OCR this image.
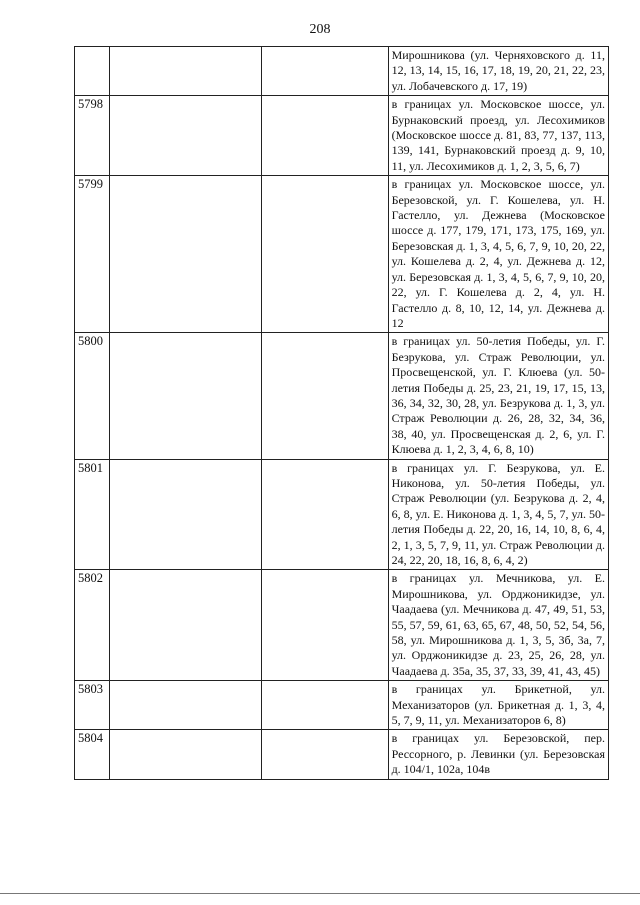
208
			Мирошникова (ул. Черняховского д. 11, 12, 13, 14, 15, 16, 17, 18, 19, 20, 21, 22, 23, ул. Лобачевского д. 17, 19)
5798			в границах ул. Московское шоссе, ул. Бурнаковский проезд, ул. Лесохимиков (Московское шоссе д. 81, 83, 77, 137, 113, 139, 141, Бурнаковский проезд д. 9, 10, 11, ул. Лесохимиков д. 1, 2, 3, 5, 6, 7)
5799			в границах ул. Московское шоссе, ул. Березовской, ул. Г. Кошелева, ул. Н. Гастелло, ул. Дежнева (Московское шоссе д. 177, 179, 171, 173, 175, 169, ул. Березовская д. 1, 3, 4, 5, 6, 7, 9, 10, 20, 22, ул. Кошелева д. 2, 4, ул. Дежнева д. 12, ул. Березовская д. 1, 3, 4, 5, 6, 7, 9, 10, 20, 22, ул. Г. Кошелева д. 2, 4, ул. Н. Гастелло д. 8, 10, 12, 14, ул. Дежнева д. 12
5800			в границах ул. 50-летия Победы, ул. Г. Безрукова, ул. Страж Революции, ул. Просвещенской, ул. Г. Клюева (ул. 50-летия Победы д. 25, 23, 21, 19, 17, 15, 13, 36, 34, 32, 30, 28, ул. Безрукова д. 1, 3, ул. Страж Революции д. 26, 28, 32, 34, 36, 38, 40, ул. Просвещенская д. 2, 6, ул. Г. Клюева д. 1, 2, 3, 4, 6, 8, 10)
5801			в границах ул. Г. Безрукова, ул. Е. Никонова, ул. 50-летия Победы, ул. Страж Революции (ул. Безрукова д. 2, 4, 6, 8, ул. Е. Никонова д. 1, 3, 4, 5, 7, ул. 50-летия Победы д. 22, 20, 16, 14, 10, 8, 6, 4, 2, 1, 3, 5, 7, 9, 11, ул. Страж Революции д. 24, 22, 20, 18, 16, 8, 6, 4, 2)
5802			в границах ул. Мечникова, ул. Е. Мирошникова, ул. Орджоникидзе, ул. Чаадаева (ул. Мечникова д. 47, 49, 51, 53, 55, 57, 59, 61, 63, 65, 67, 48, 50, 52, 54, 56, 58, ул. Мирошникова д. 1, 3, 5, 3б, 3а, 7, ул. Орджоникидзе д. 23, 25, 26, 28, ул. Чаадаева д. 35а, 35, 37, 33, 39, 41, 43, 45)
5803			в границах ул. Брикетной, ул. Механизаторов (ул. Брикетная д. 1, 3, 4, 5, 7, 9, 11, ул. Механизаторов 6, 8)
5804			в границах ул. Березовской, пер. Рессорного, р. Левинки (ул. Березовская д. 104/1, 102а, 104в
